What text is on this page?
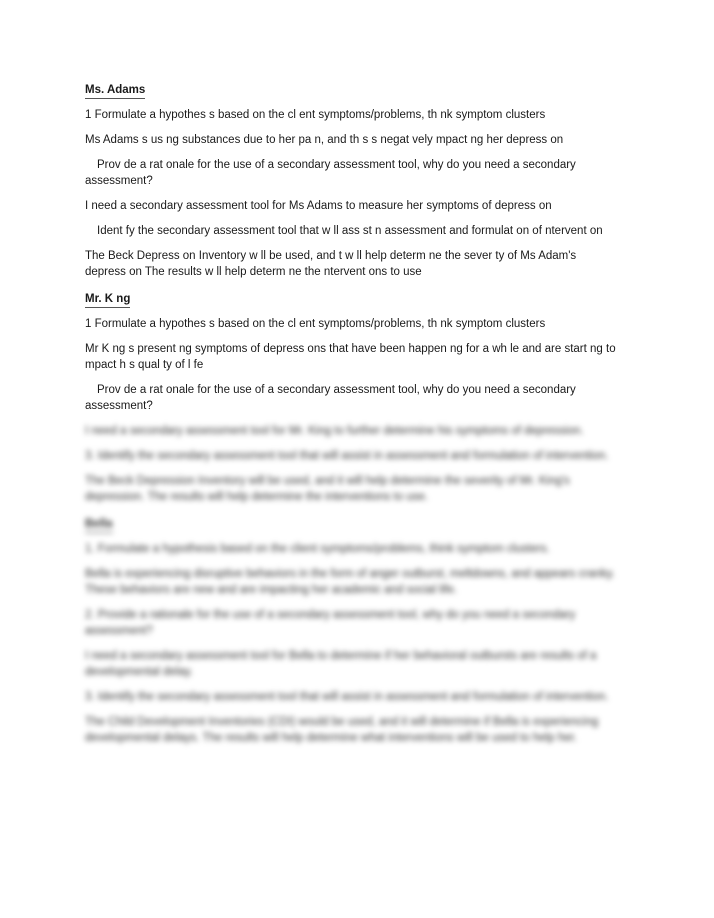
Ms. Adams

1 Formulate a hypothes s based on the cl ent symptoms/problems, th nk symptom clusters

Ms Adams s us ng substances due to her pa n, and th s s negat vely mpact ng her depress on

Prov de a rat onale for the use of a secondary assessment tool, why do you need a secondary
assessment?

I need a secondary assessment tool for Ms Adams to measure her symptoms of depress on

Ident fy the secondary assessment tool that w ll ass st n assessment and formulat on of ntervent on

The Beck Depress on Inventory w ll be used, and t w ll help determ ne the sever ty of Ms Adam's
depress on The results w ll help determ ne the ntervent ons to use

Mr. K ng

1 Formulate a hypothes s based on the cl ent symptoms/problems, th nk symptom clusters

Mr K ng s present ng symptoms of depress ons that have been happen ng for a wh le and are start ng to
mpact h s qual ty of l fe

Prov de a rat onale for the use of a secondary assessment tool, why do you need a secondary
assessment?

I need a secondary assessment tool for Mr. King to further determine his symptoms of depression.

3. Identify the secondary assessment tool that will assist in assessment and formulation of intervention.

The Beck Depression Inventory will be used, and it will help determine the severity of Mr. King's
depression. The results will help determine the interventions to use.

Bella

1. Formulate a hypothesis based on the client symptoms/problems, think symptom clusters.

Bella is experiencing disruptive behaviors in the form of anger outburst, meltdowns, and appears cranky.
These behaviors are new and are impacting her academic and social life.

2. Provide a rationale for the use of a secondary assessment tool, why do you need a secondary
assessment?

I need a secondary assessment tool for Bella to determine if her behavioral outbursts are results of a
developmental delay.

3. Identify the secondary assessment tool that will assist in assessment and formulation of intervention.

The Child Development Inventories (CDI) would be used, and it will determine if Bella is experiencing
developmental delays. The results will help determine what interventions will be used to help her.
